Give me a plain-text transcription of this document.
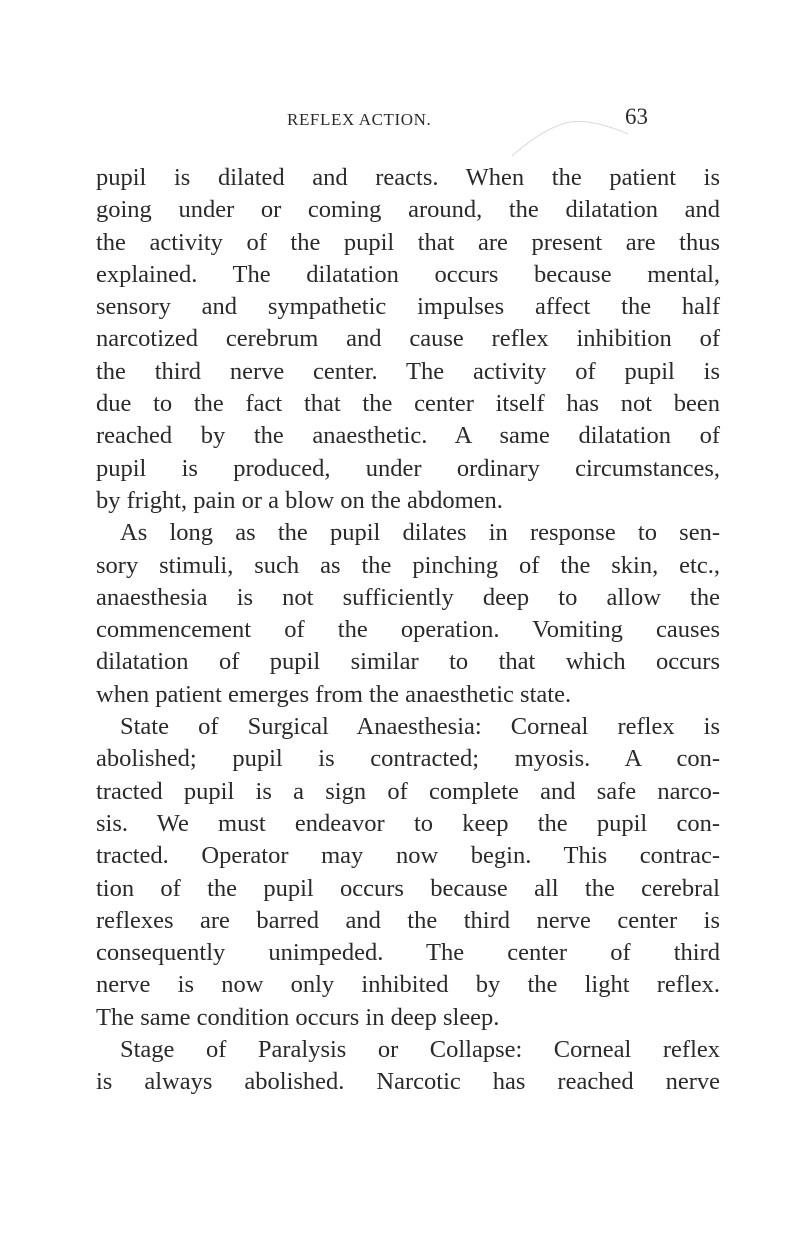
REFLEX ACTION.	63
pupil is dilated and reacts. When the patient is
going under or coming around, the dilatation and
the activity of the pupil that are present are thus
explained. The dilatation occurs because mental,
sensory and sympathetic impulses affect the half
narcotized cerebrum and cause reflex inhibition of
the third nerve center. The activity of pupil is
due to the fact that the center itself has not been
reached by the anaesthetic. A same dilatation of
pupil is produced, under ordinary circumstances,
by fright, pain or a blow on the abdomen.
As long as the pupil dilates in response to sen-
sory stimuli, such as the pinching of the skin, etc.,
anaesthesia is not sufficiently deep to allow the
commencement of the operation. Vomiting causes
dilatation of pupil similar to that which occurs
when patient emerges from the anaesthetic state.
State of Surgical Anaesthesia: Corneal reflex is
abolished; pupil is contracted; myosis. A con-
tracted pupil is a sign of complete and safe narco-
sis. We must endeavor to keep the pupil con-
tracted. Operator may now begin. This contrac-
tion of the pupil occurs because all the cerebral
reflexes are barred and the third nerve center is
consequently unimpeded. The center of third
nerve is now only inhibited by the light reflex.
The same condition occurs in deep sleep.
Stage of Paralysis or Collapse: Corneal reflex
is always abolished. Narcotic has reached nerve
